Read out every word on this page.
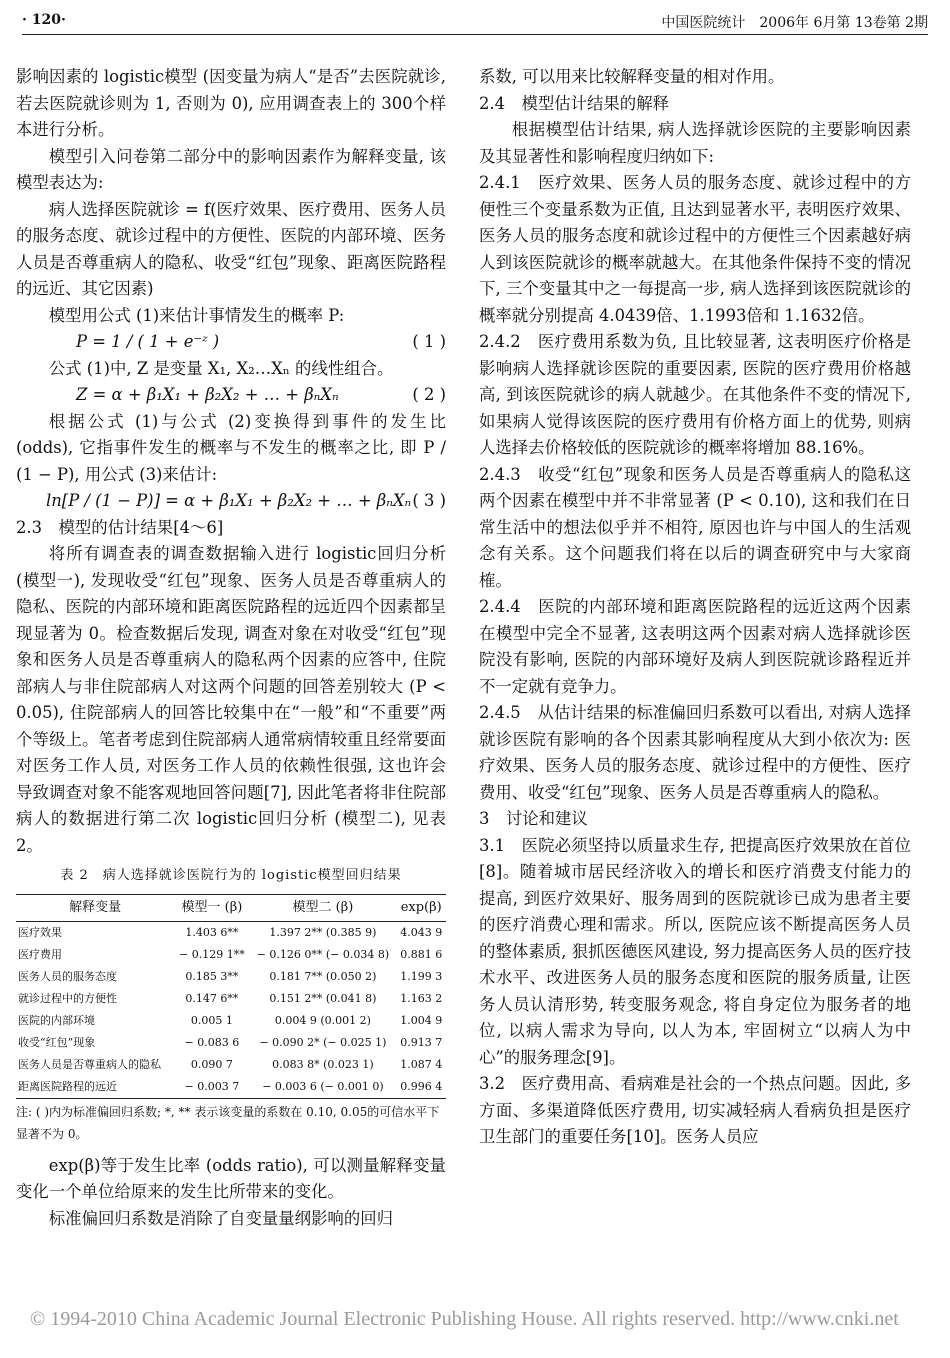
· 120·	中国医院统计　2006年 6月第 13卷第 2期

影响因素的 logistic模型 (因变量为病人“是否”去医院就诊, 若去医院就诊则为 1, 否则为 0), 应用调查表上的 300个样本进行分析。

模型引入问卷第二部分中的影响因素作为解释变量, 该模型表达为:

病人选择医院就诊 = f(医疗效果、医疗费用、医务人员的服务态度、就诊过程中的方便性、医院的内部环境、医务人员是否尊重病人的隐私、收受“红包”现象、距离医院路程的远近、其它因素)

模型用公式 (1)来估计事情发生的概率 P:

P = 1 / ( 1 + e⁻ᶻ )	( 1 )

公式 (1)中, Z 是变量 X₁, X₂…Xₙ 的线性组合。

Z = α + β₁X₁ + β₂X₂ + … + βₙXₙ	( 2 )

根据公式 (1)与公式 (2)变换得到事件的发生比 (odds), 它指事件发生的概率与不发生的概率之比, 即 P / (1 − P), 用公式 (3)来估计:

ln[P / (1 − P)] = α + β₁X₁ + β₂X₂ + … + βₙXₙ ( 3 )

2.3　模型的估计结果[4～6]

将所有调查表的调查数据输入进行 logistic回归分析 (模型一), 发现收受“红包”现象、医务人员是否尊重病人的隐私、医院的内部环境和距离医院路程的远近四个因素都呈现显著为 0。检查数据后发现, 调查对象在对收受“红包”现象和医务人员是否尊重病人的隐私两个因素的应答中, 住院部病人与非住院部病人对这两个问题的回答差别较大 (P < 0.05), 住院部病人的回答比较集中在“一般”和“不重要”两个等级上。笔者考虑到住院部病人通常病情较重且经常要面对医务工作人员, 对医务工作人员的依赖性很强, 这也许会导致调查对象不能客观地回答问题[7], 因此笔者将非住院部病人的数据进行第二次 logistic回归分析 (模型二), 见表 2。

表 2　病人选择就诊医院行为的 logistic模型回归结果
解释变量	模型一 (β)	模型二 (β)	exp(β)
医疗效果	1.403 6**	1.397 2** (0.385 9)	4.043 9
医疗费用	− 0.129 1**	− 0.126 0** (− 0.034 8)	0.881 6
医务人员的服务态度	0.185 3**	0.181 7** (0.050 2)	1.199 3
就诊过程中的方便性	0.147 6**	0.151 2** (0.041 8)	1.163 2
医院的内部环境	0.005 1	0.004 9 (0.001 2)	1.004 9
收受“红包”现象	− 0.083 6	− 0.090 2* (− 0.025 1)	0.913 7
医务人员是否尊重病人的隐私	0.090 7	0.083 8* (0.023 1)	1.087 4
距离医院路程的远近	− 0.003 7	− 0.003 6 (− 0.001 0)	0.996 4
注: ( )内为标准偏回归系数; *, ** 表示该变量的系数在 0.10, 0.05的可信水平下显著不为 0。

exp(β)等于发生比率 (odds ratio), 可以测量解释变量变化一个单位给原来的发生比所带来的变化。

标准偏回归系数是消除了自变量量纲影响的回归

系数, 可以用来比较解释变量的相对作用。

2.4　模型估计结果的解释

根据模型估计结果, 病人选择就诊医院的主要影响因素及其显著性和影响程度归纳如下:

2.4.1　医疗效果、医务人员的服务态度、就诊过程中的方便性三个变量系数为正值, 且达到显著水平, 表明医疗效果、医务人员的服务态度和就诊过程中的方便性三个因素越好病人到该医院就诊的概率就越大。在其他条件保持不变的情况下, 三个变量其中之一每提高一步, 病人选择到该医院就诊的概率就分别提高 4.0439倍、1.1993倍和 1.1632倍。

2.4.2　医疗费用系数为负, 且比较显著, 这表明医疗价格是影响病人选择就诊医院的重要因素, 医院的医疗费用价格越高, 到该医院就诊的病人就越少。在其他条件不变的情况下, 如果病人觉得该医院的医疗费用有价格方面上的优势, 则病人选择去价格较低的医院就诊的概率将增加 88.16%。

2.4.3　收受“红包”现象和医务人员是否尊重病人的隐私这两个因素在模型中并不非常显著 (P < 0.10), 这和我们在日常生活中的想法似乎并不相符, 原因也许与中国人的生活观念有关系。这个问题我们将在以后的调查研究中与大家商榷。

2.4.4　医院的内部环境和距离医院路程的远近这两个因素在模型中完全不显著, 这表明这两个因素对病人选择就诊医院没有影响, 医院的内部环境好及病人到医院就诊路程近并不一定就有竞争力。

2.4.5　从估计结果的标准偏回归系数可以看出, 对病人选择就诊医院有影响的各个因素其影响程度从大到小依次为: 医疗效果、医务人员的服务态度、就诊过程中的方便性、医疗费用、收受“红包”现象、医务人员是否尊重病人的隐私。

3　讨论和建议

3.1　医院必须坚持以质量求生存, 把提高医疗效果放在首位[8]。随着城市居民经济收入的增长和医疗消费支付能力的提高, 到医疗效果好、服务周到的医院就诊已成为患者主要的医疗消费心理和需求。所以, 医院应该不断提高医务人员的整体素质, 狠抓医德医风建设, 努力提高医务人员的医疗技术水平、改进医务人员的服务态度和医院的服务质量, 让医务人员认清形势, 转变服务观念, 将自身定位为服务者的地位, 以病人需求为导向, 以人为本, 牢固树立“以病人为中心”的服务理念[9]。

3.2　医疗费用高、看病难是社会的一个热点问题。因此, 多方面、多渠道降低医疗费用, 切实减轻病人看病负担是医疗卫生部门的重要任务[10]。医务人员应

© 1994-2010 China Academic Journal Electronic Publishing House. All rights reserved. http://www.cnki.net
